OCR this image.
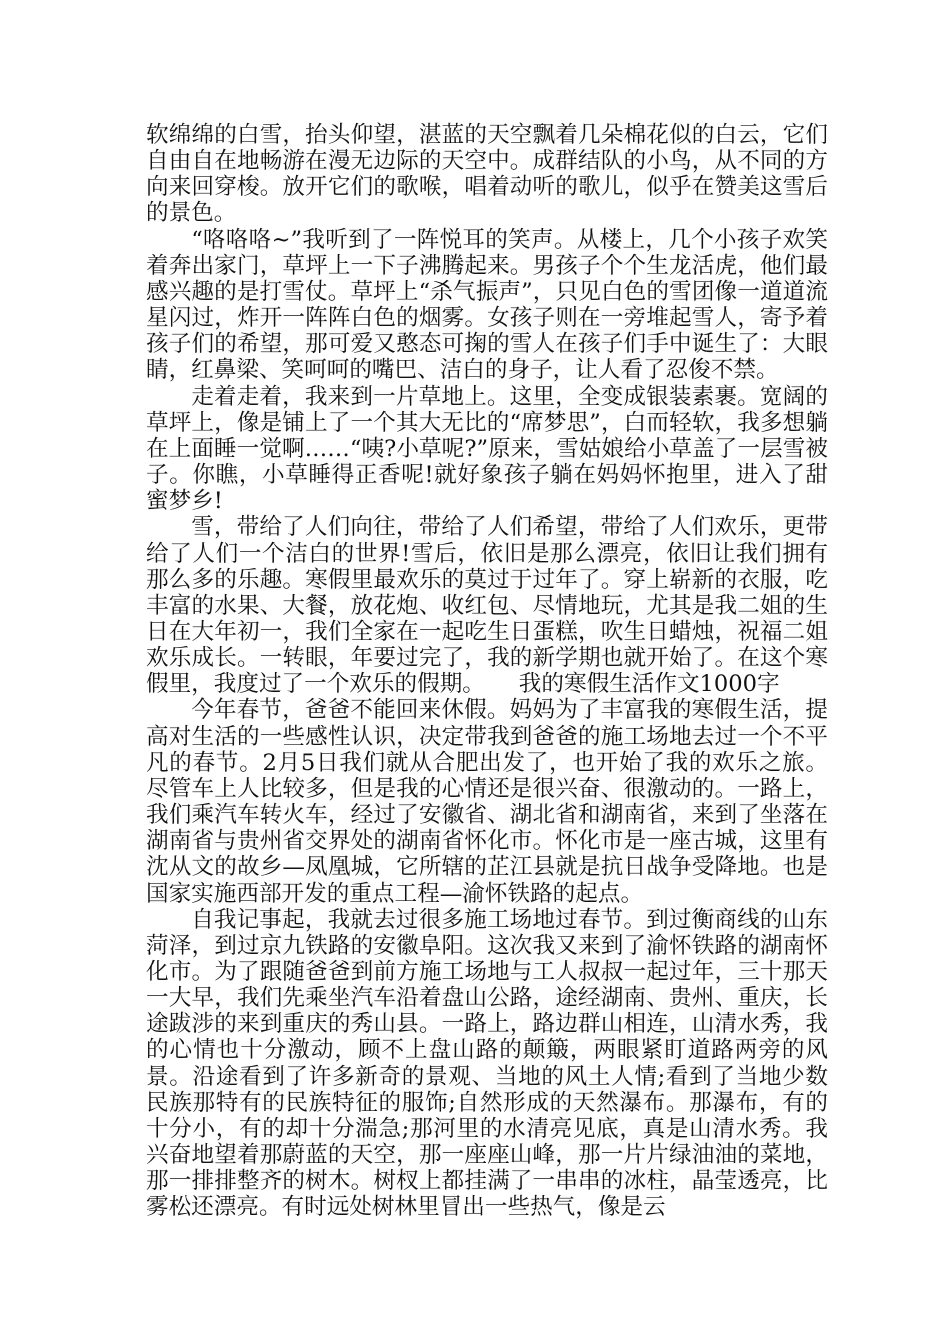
软绵绵的白雪，抬头仰望，湛蓝的天空飘着几朵棉花似的白云，它们自由自在地畅游在漫无边际的天空中。成群结队的小鸟，从不同的方向来回穿梭。放开它们的歌喉，唱着动听的歌儿，似乎在赞美这雪后的景色。

“咯咯咯~”我听到了一阵悦耳的笑声。从楼上，几个小孩子欢笑着奔出家门，草坪上一下子沸腾起来。男孩子个个生龙活虎，他们最感兴趣的是打雪仗。草坪上“杀气振声”，只见白色的雪团像一道道流星闪过，炸开一阵阵白色的烟雾。女孩子则在一旁堆起雪人，寄予着孩子们的希望，那可爱又憨态可掬的雪人在孩子们手中诞生了：大眼睛，红鼻梁、笑呵呵的嘴巴、洁白的身子，让人看了忍俊不禁。

走着走着，我来到一片草地上。这里，全变成银装素裹。宽阔的草坪上，像是铺上了一个其大无比的“席梦思”，白而轻软，我多想躺在上面睡一觉啊……“咦?小草呢?”原来，雪姑娘给小草盖了一层雪被子。你瞧，小草睡得正香呢!就好象孩子躺在妈妈怀抱里，进入了甜蜜梦乡!

雪，带给了人们向往，带给了人们希望，带给了人们欢乐，更带给了人们一个洁白的世界!雪后，依旧是那么漂亮，依旧让我们拥有那么多的乐趣。寒假里最欢乐的莫过于过年了。穿上崭新的衣服，吃丰富的水果、大餐，放花炮、收红包、尽情地玩，尤其是我二姐的生日在大年初一，我们全家在一起吃生日蛋糕，吹生日蜡烛，祝福二姐欢乐成长。一转眼，年要过完了，我的新学期也就开始了。在这个寒假里，我度过了一个欢乐的假期。　　我的寒假生活作文1000字

今年春节，爸爸不能回来休假。妈妈为了丰富我的寒假生活，提高对生活的一些感性认识，决定带我到爸爸的施工场地去过一个不平凡的春节。2月5日我们就从合肥出发了，也开始了我的欢乐之旅。尽管车上人比较多，但是我的心情还是很兴奋、很激动的。一路上，我们乘汽车转火车，经过了安徽省、湖北省和湖南省，来到了坐落在湖南省与贵州省交界处的湖南省怀化市。怀化市是一座古城，这里有沈从文的故乡—凤凰城，它所辖的芷江县就是抗日战争受降地。也是国家实施西部开发的重点工程—渝怀铁路的起点。

自我记事起，我就去过很多施工场地过春节。到过衡商线的山东菏泽，到过京九铁路的安徽阜阳。这次我又来到了渝怀铁路的湖南怀化市。为了跟随爸爸到前方施工场地与工人叔叔一起过年，三十那天一大早，我们先乘坐汽车沿着盘山公路，途经湖南、贵州、重庆，长途跋涉的来到重庆的秀山县。一路上，路边群山相连，山清水秀，我的心情也十分激动，顾不上盘山路的颠簸，两眼紧盯道路两旁的风景。沿途看到了许多新奇的景观、当地的风土人情;看到了当地少数民族那特有的民族特征的服饰;自然形成的天然瀑布。那瀑布，有的十分小，有的却十分湍急;那河里的水清亮见底，真是山清水秀。我兴奋地望着那蔚蓝的天空，那一座座山峰，那一片片绿油油的菜地，那一排排整齐的树木。树杈上都挂满了一串串的冰柱，晶莹透亮，比雾松还漂亮。有时远处树林里冒出一些热气，像是云
